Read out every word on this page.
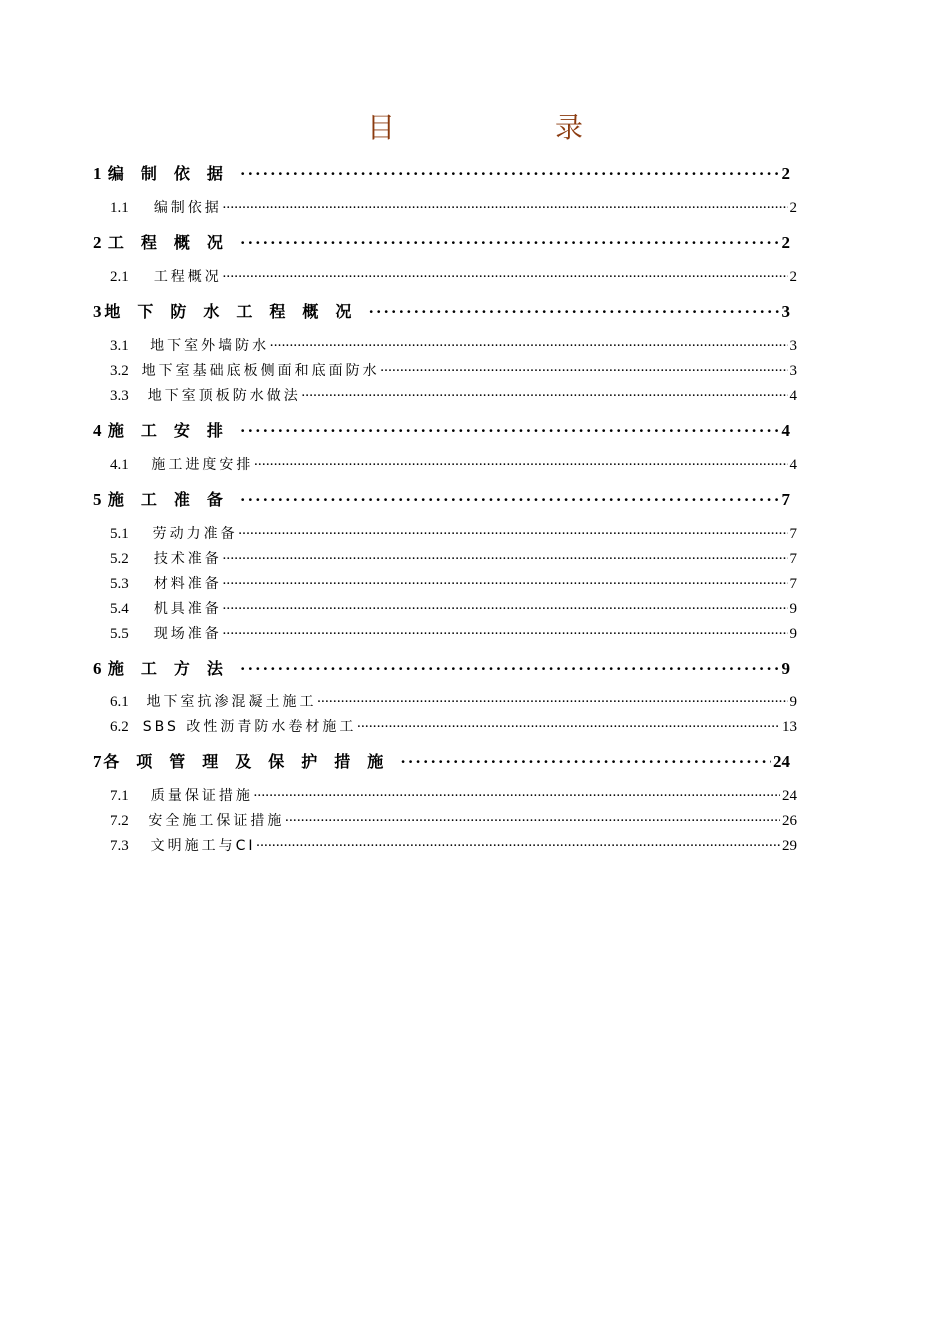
目　录
1 编制依据 · · ·	2
1.1	编制依据 · · ·	2
2 工程概况 · · ·	2
2.1	工程概况 · · ·	2
3 地下防水工程概况 · · ·	3
3.1	地下室外墙防水 · · ·	3
3.2 地下室基础底板侧面和底面防水 · · ·	3
3.3	地下室顶板防水做法 · · ·	4
4 施工安排 · · ·	4
4.1	施工进度安排 · · ·	4
5 施工准备 · · ·	7
5.1	劳动力准备 · · ·	7
5.2	技术准备 · · ·	7
5.3	材料准备 · · ·	7
5.4	机具准备 · · ·	9
5.5	现场准备 · · ·	9
6 施工方法 · · ·	9
6.1	地下室抗渗混凝土施工 · · ·	9
6.2	SBS 改性沥青防水卷材施工 · · ·	13
7 各项管理及保护措施 · · ·	24
7.1	质量保证措施 · · ·	24
7.2	安全施工保证措施 · · ·	26
7.3	文明施工与CI · · ·	29
